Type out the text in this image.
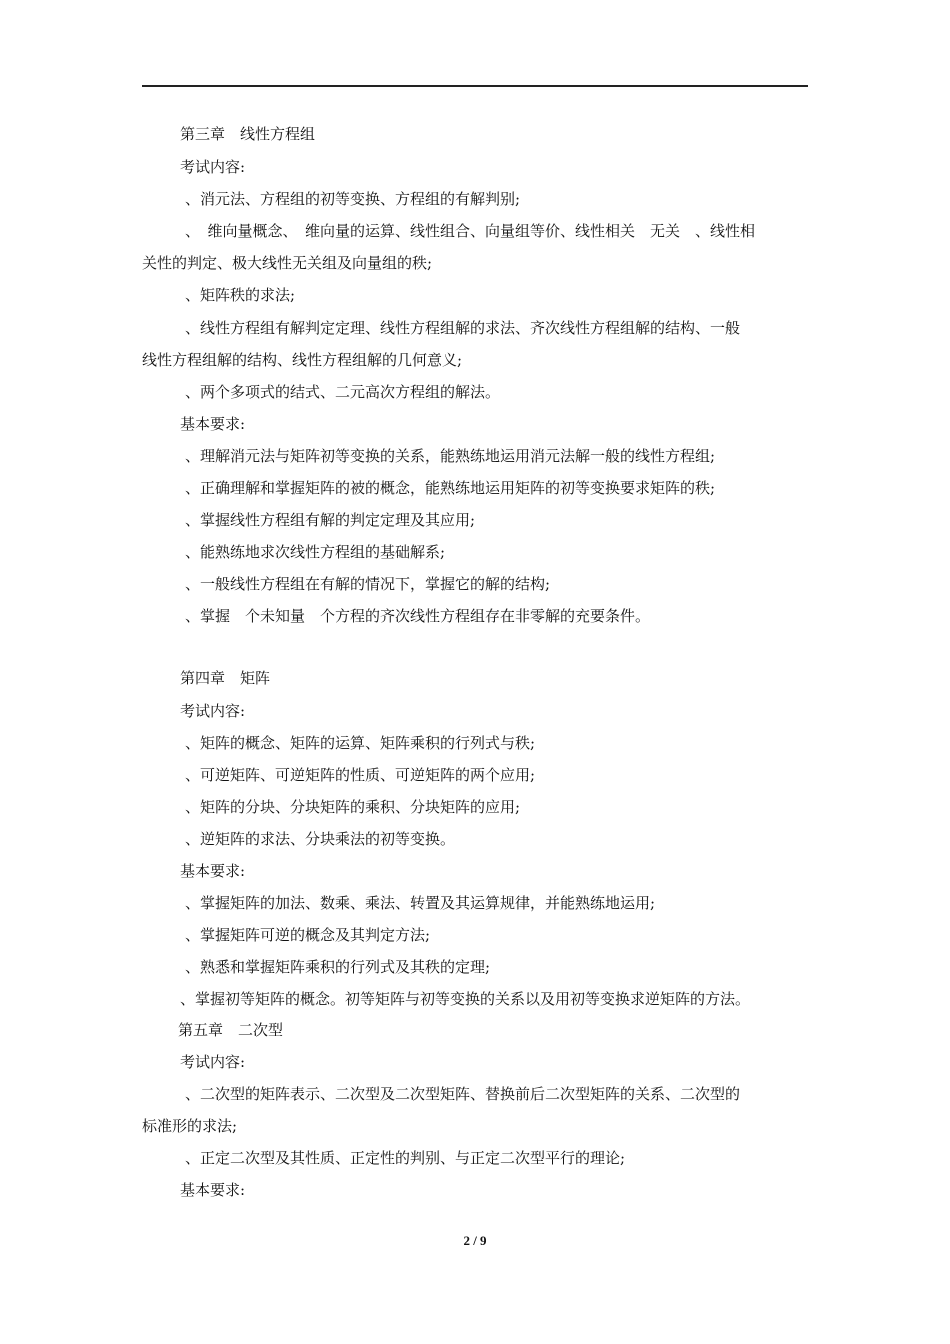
第三章　线性方程组
考试内容:
、消元法、方程组的初等变换、方程组的有解判别;
、　维向量概念、　维向量的运算、线性组合、向量组等价、线性相关　无关　、线性相
关性的判定、极大线性无关组及向量组的秩;
、矩阵秩的求法;
、线性方程组有解判定定理、线性方程组解的求法、齐次线性方程组解的结构、一般
线性方程组解的结构、线性方程组解的几何意义;
、两个多项式的结式、二元高次方程组的解法。
基本要求:
、理解消元法与矩阵初等变换的关系，能熟练地运用消元法解一般的线性方程组;
、正确理解和掌握矩阵的被的概念，能熟练地运用矩阵的初等变换要求矩阵的秩;
、掌握线性方程组有解的判定定理及其应用;
、能熟练地求次线性方程组的基础解系;
、一般线性方程组在有解的情况下，掌握它的解的结构;
、掌握　个未知量　个方程的齐次线性方程组存在非零解的充要条件。
第四章　矩阵
考试内容:
、矩阵的概念、矩阵的运算、矩阵乘积的行列式与秩;
、可逆矩阵、可逆矩阵的性质、可逆矩阵的两个应用;
、矩阵的分块、分块矩阵的乘积、分块矩阵的应用;
、逆矩阵的求法、分块乘法的初等变换。
基本要求:
、掌握矩阵的加法、数乘、乘法、转置及其运算规律，并能熟练地运用;
、掌握矩阵可逆的概念及其判定方法;
、熟悉和掌握矩阵乘积的行列式及其秩的定理;
、掌握初等矩阵的概念。初等矩阵与初等变换的关系以及用初等变换求逆矩阵的方法。
第五章　二次型
考试内容:
、二次型的矩阵表示、二次型及二次型矩阵、替换前后二次型矩阵的关系、二次型的
标准形的求法;
、正定二次型及其性质、正定性的判别、与正定二次型平行的理论;
基本要求:
2 / 9
